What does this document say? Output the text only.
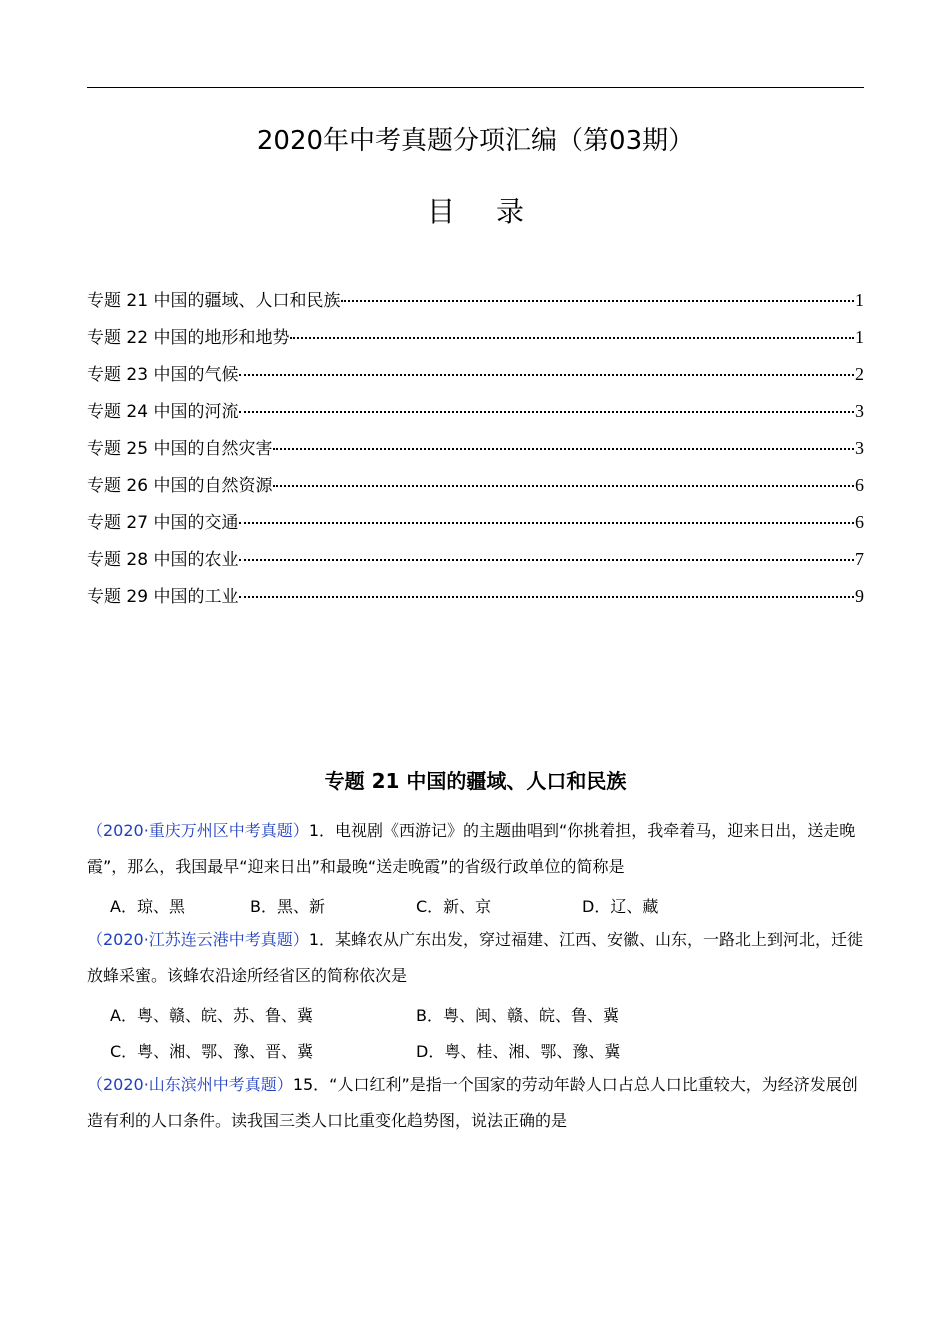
2020年中考真题分项汇编（第03期）
目 录
专题 21 中国的疆域、人口和民族	1
专题 22 中国的地形和地势	1
专题 23 中国的气候	2
专题 24 中国的河流	3
专题 25 中国的自然灾害	3
专题 26 中国的自然资源	6
专题 27 中国的交通	6
专题 28 中国的农业	7
专题 29 中国的工业	9
专题 21 中国的疆域、人口和民族
（2020·重庆万州区中考真题）1．电视剧《西游记》的主题曲唱到“你挑着担，我牵着马，迎来日出，送走晚霞”，那么，我国最早“迎来日出”和最晚“送走晚霞”的省级行政单位的简称是
A．琼、黑	B．黑、新	C．新、京	D．辽、藏
（2020·江苏连云港中考真题）1．某蜂农从广东出发，穿过福建、江西、安徽、山东，一路北上到河北，迁徙放蜂采蜜。该蜂农沿途所经省区的简称依次是
A．粤、赣、皖、苏、鲁、冀	B．粤、闽、赣、皖、鲁、冀
C．粤、湘、鄂、豫、晋、冀	D．粤、桂、湘、鄂、豫、冀
（2020·山东滨州中考真题）15．“人口红利”是指一个国家的劳动年龄人口占总人口比重较大，为经济发展创造有利的人口条件。读我国三类人口比重变化趋势图，说法正确的是
